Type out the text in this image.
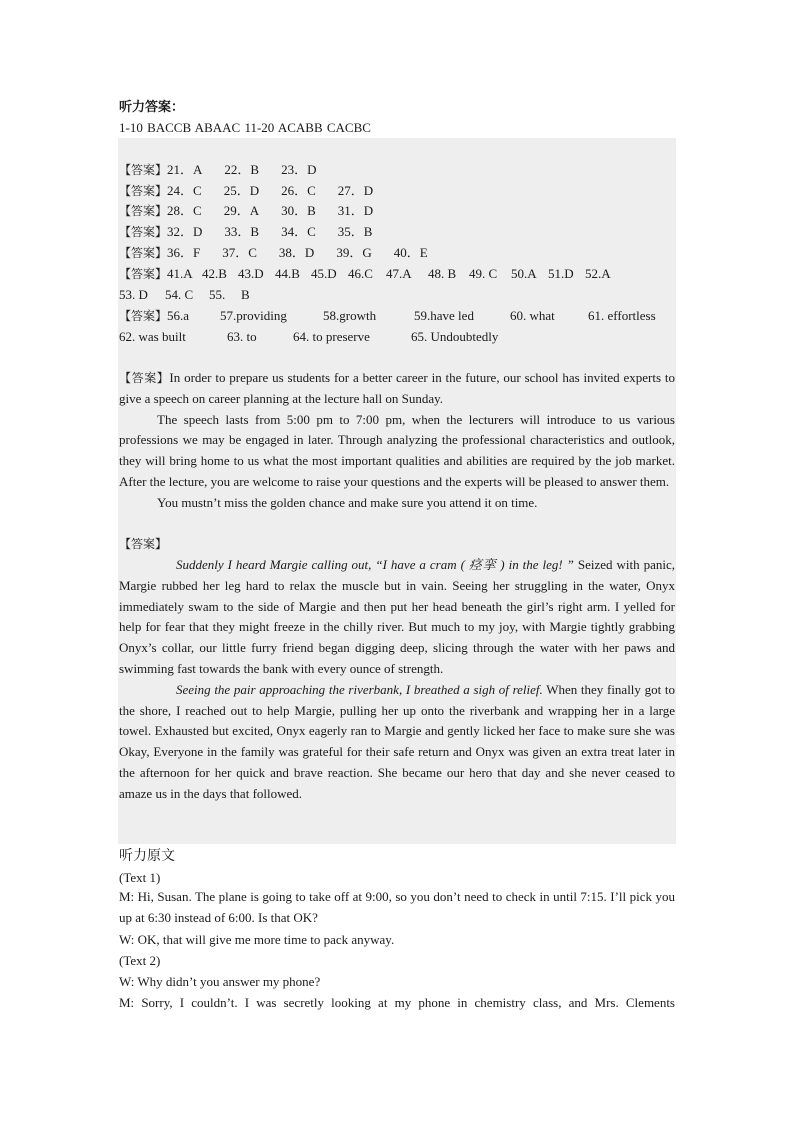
听力答案：
1-10 BACCB ABAAC 11-20 ACABB CACBC
【答案】21．A 22．B 23．D
【答案】24．C 25．D 26．C 27．D
【答案】28．C 29．A 30．B 31．D
【答案】32．D 33．B 34．C 35．B
【答案】36．F 37．C 38．D 39．G 40．E
【答案】41.A 42.B 43.D 44.B 45.D 46.C 47.A 48. B 49. C 50.A 51.D 52.A
53. D 54. C 55. B
【答案】56.a 57.providing	58.growth	59.have led	60. what	61. effortless
62. was built	63. to	64. to preserve	65. Undoubtedly

【答案】In order to prepare us students for a better career in the future, our school has invited experts to give a speech on career planning at the lecture hall on Sunday.

The speech lasts from 5:00 pm to 7:00 pm, when the lecturers will introduce to us various professions we may be engaged in later. Through analyzing the professional characteristics and outlook, they will bring home to us what the most important qualities and abilities are required by the job market. After the lecture, you are welcome to raise your questions and the experts will be pleased to answer them.

You mustn’t miss the golden chance and make sure you attend it on time.

【答案】

Suddenly I heard Margie calling out, “I have a cram ( 痉挛 ) in the leg! ” Seized with panic, Margie rubbed her leg hard to relax the muscle but in vain. Seeing her struggling in the water, Onyx immediately swam to the side of Margie and then put her head beneath the girl’s right arm. I yelled for help for fear that they might freeze in the chilly river. But much to my joy, with Margie tightly grabbing Onyx’s collar, our little furry friend began digging deep, slicing through the water with her paws and swimming fast towards the bank with every ounce of strength.

Seeing the pair approaching the riverbank, I breathed a sigh of relief. When they finally got to the shore, I reached out to help Margie, pulling her up onto the riverbank and wrapping her in a large towel. Exhausted but excited, Onyx eagerly ran to Margie and gently licked her face to make sure she was Okay, Everyone in the family was grateful for their safe return and Onyx was given an extra treat later in the afternoon for her quick and brave reaction. She became our hero that day and she never ceased to amaze us in the days that followed.

听力原文
(Text 1)
M: Hi, Susan. The plane is going to take off at 9:00, so you don’t need to check in until 7:15. I’ll pick you up at 6:30 instead of 6:00. Is that OK?
W: OK, that will give me more time to pack anyway.
(Text 2)
W: Why didn’t you answer my phone?
M: Sorry, I couldn’t. I was secretly looking at my phone in chemistry class, and Mrs. Clements
